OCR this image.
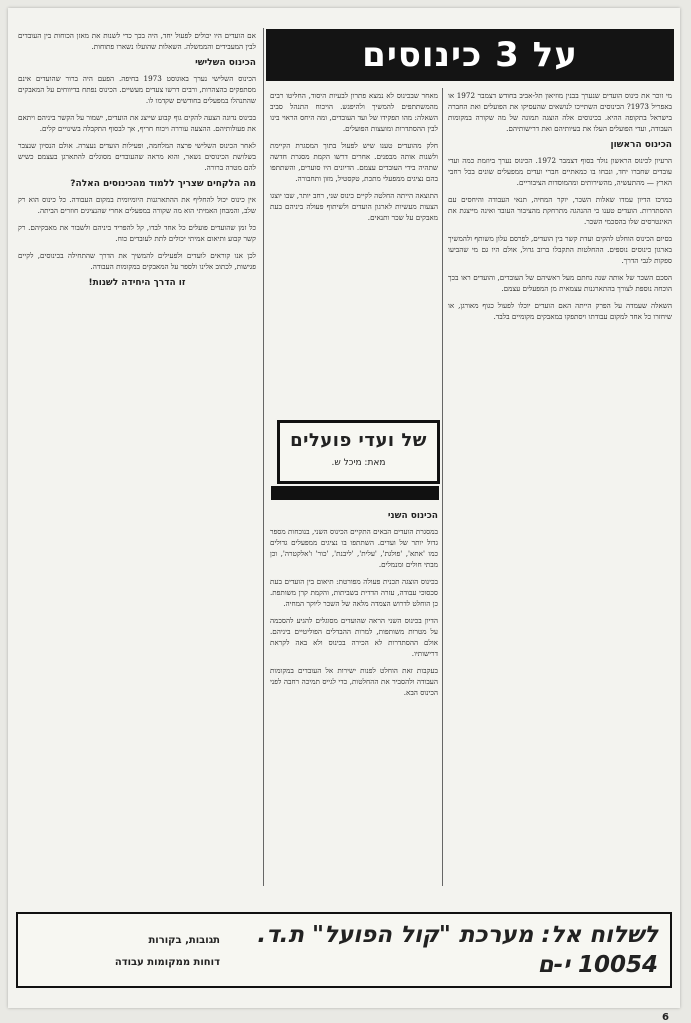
על 3 כינוסים

מי זוכר את כינוס הועדים שנערך בבנין מוזיאון תל-אביב בחודש דצמבר 1972 או באפריל 1973? הכינוסים השתייכו לנושאים שהעסיקו את הפועלים ואת החברה בישראל בתקופה ההיא. בכינוסים אלה הוצגה תמונה של מה שקורה במקומות העבודה, ועדי הפועלים העלו את בעיותיהם ואת דרישותיהם.

הכינוס הראשון

הרעיון לכינוס הראשון נולד בסוף דצמבר 1972. הכינוס נערך ביוזמת כמה ועדי עובדים שחברו יחד, ונכחו בו כמאתיים חברי ועדים ממפעלים שונים בכל רחבי הארץ — מהתעשיה, מהשירותים ומהמוסדות הציבוריים.

במרכז הדיון עמדו שאלות השכר, יוקר המחיה, תנאי העבודה והיחסים עם ההסתדרות. הועדים טענו כי ההנהגה מתרחקת מהציבור העובד ואינה מייצגת את האינטרסים שלו בהסכמי השכר.

בסיום הכינוס הוחלט להקים ועדת קשר בין הועדים, לפרסם עלון משותף ולהמשיך בארגון כינוסים נוספים. ההחלטות התקבלו ברוב גדול, אולם היו גם מי שהביעו ספקות לגבי הדרך.

הסכם השכר של אותה שנה נחתם מעל ראשיהם של העובדים, והועדים ראו בכך הוכחה נוספת לצורך בהתארגנות עצמאית מן המפעלים עצמם.

השאלה שעמדה על הפרק הייתה האם הועדים יוכלו לפעול כגוף מאורגן, או שיחזרו כל אחד למקום עבודתו ויסתפקו במאבקים מקומיים בלבד.

מאחר שבכינוס לא נמצא פתרון לבעיות היסוד, החליטו רבים מהמשתתפים להמשיך ולהיפגש. הויכוח התנהל סביב השאלה: מהו תפקידו של ועד העובדים, ומה היחס הראוי בינו לבין ההסתדרות ומועצות הפועלים.

חלק מהועדים טענו שיש לפעול בתוך המסגרת הקיימת ולשנות אותה מבפנים. אחרים דרשו הקמת מסגרת חדשה שתהיה בידי העובדים עצמם. הדיונים היו סוערים, והשתתפו בהם נציגים ממפעלי מתכת, טקסטיל, מזון ותחבורה.

התוצאה הייתה החלטה לקיים כינוס שני, רחב יותר, שבו יוצגו הצעות מעשיות לארגון הועדים ולשיתוף פעולה ביניהם בעת מאבקים על שכר ותנאים.

של ועדי פועלים
מאת: מיכל ש.
הכינוס השני

במסגרת הועדים הבאים התקיים הכינוס השני, בנוכחות מספר גדול יותר של ועדים. השתתפו בו נציגים ממפעלים גדולים כמו 'אתא', 'פולגת', 'עלית', 'ליבנת', 'כור' ו'אלקטרה', וכן מבתי חולים ומנמלים.

בכינוס הוצגה תכנית פעולה מפורטת: תיאום בין הועדים בעת סכסוכי עבודה, עזרה הדדית בשביתות, והקמת קרן משותפת. כן הוחלט לדרוש הצמדה מלאה של השכר ליוקר המחיה.

הדיון בכינוס השני הראה שהועדים מסוגלים להגיע להסכמה על מטרות משותפות, למרות ההבדלים הפוליטיים ביניהם. אולם ההסתדרות לא הכירה בכינוס ולא באה לקראת דרישותיו.

בעקבות זאת הוחלט לפנות ישירות אל העובדים במקומות העבודה ולהסביר את ההחלטות, כדי לגייס תמיכה רחבה לפני הכינוס הבא.

אם הועדים היו יכולים לפעול יחד, היה בכך כדי לשנות את מאזן הכוחות בין העובדים לבין המעבידים והממשלה. השאלות שהועלו נשארו פתוחות.

הכינוס השלישי

הכינוס השלישי נערך באוגוסט 1973 בחיפה. הפעם היה ברור שהועדים אינם מסתפקים בהצהרות, ורבים דרשו צעדים מעשיים. הכינוס נפתח בדיווחים על המאבקים שהתנהלו במפעלים בחודשים שקדמו לו.

בכינוס נדונה הצעה להקים גוף קבוע שייצג את הועדים, ישמור על הקשר ביניהם ויתאם את פעולותיהם. ההצעה עוררה ויכוח חריף, אך לבסוף התקבלה בשינויים קלים.

לאחר הכינוס השלישי פרצה המלחמה, ופעילות הועדים נעצרה. אולם הנסיון שנצבר בשלושת הכינוסים נשאר, והוא מראה שהעובדים מסוגלים להתארגן בעצמם כשיש להם מטרה ברורה.

מה הלקחים שצריך ללמוד מהכינוסים האלה?

אין כינוס יכול להחליף את ההתארגנות היומיומית במקום העבודה. כל כינוס הוא רק שלב, והמבחן האמיתי הוא מה שקורה במפעלים אחרי שהנציגים חוזרים הביתה.

כל זמן שהועדים פועלים כל אחד לבדו, קל להפריד ביניהם ולשבור את מאבקיהם. רק קשר קבוע ותיאום אמיתי יכולים לתת לעובדים כוח.

לכן אנו קוראים לועדים ולפעילים להמשיך את הדרך שהתחילה בכינוסים, לקיים פגישות, לכתוב אלינו ולספר על המאבקים במקומות העבודה.

זו הדרך היחידה לשנות!
לשלוח אל: מערכת "קול הפועל" ת.ד. 10054 י-ם
תגובות, בקורות
דוחות ממקומות עבודה
6
